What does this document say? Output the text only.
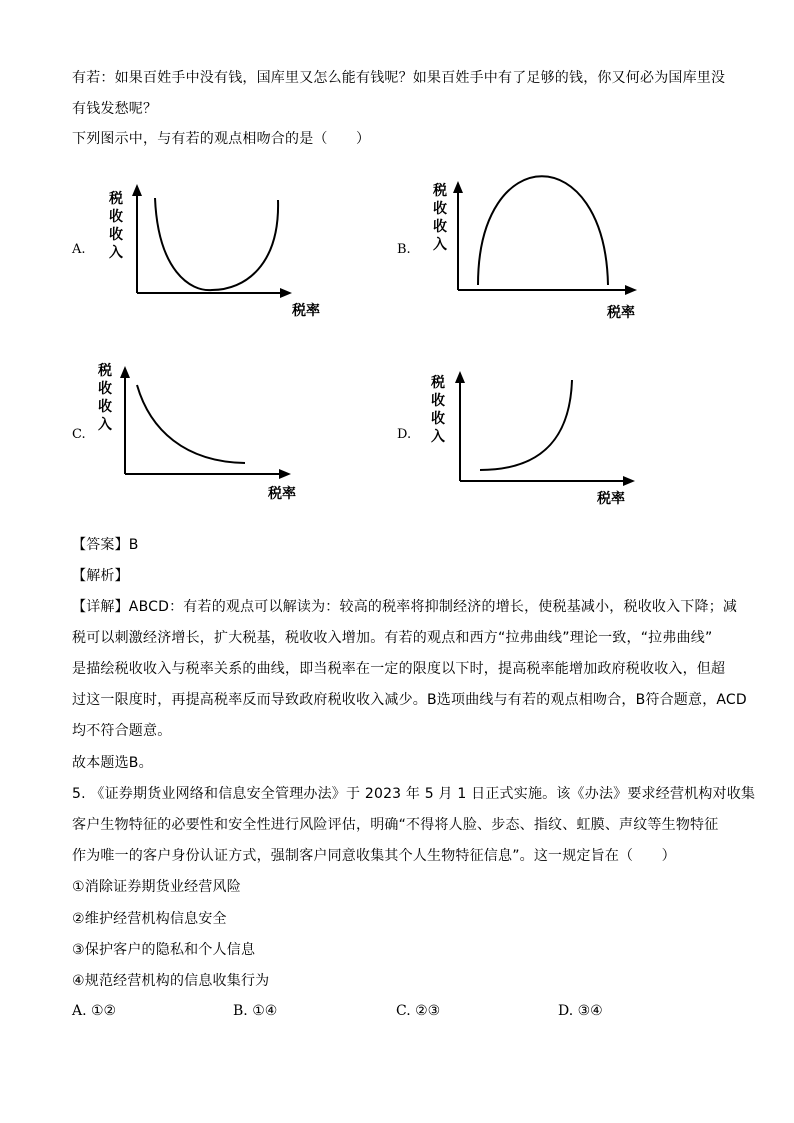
有若：如果百姓手中没有钱，国库里又怎么能有钱呢？如果百姓手中有了足够的钱，你又何必为国库里没
有钱发愁呢？
下列图示中，与有若的观点相吻合的是（　　）
A.
税
收
收
入
税率
B.
税
收
收
入
税率
C.
税
收
收
入
税率
D.
税
收
收
入
税率
【答案】B
【解析】
【详解】ABCD：有若的观点可以解读为：较高的税率将抑制经济的增长，使税基减小，税收收入下降；减
税可以刺激经济增长，扩大税基，税收收入增加。有若的观点和西方“拉弗曲线”理论一致，“拉弗曲线”
是描绘税收收入与税率关系的曲线，即当税率在一定的限度以下时，提高税率能增加政府税收收入，但超
过这一限度时，再提高税率反而导致政府税收收入减少。B选项曲线与有若的观点相吻合，B符合题意，ACD
均不符合题意。
故本题选B。
5. 《证券期货业网络和信息安全管理办法》于 2023 年 5 月 1 日正式实施。该《办法》要求经营机构对收集
客户生物特征的必要性和安全性进行风险评估，明确“不得将人脸、步态、指纹、虹膜、声纹等生物特征
作为唯一的客户身份认证方式，强制客户同意收集其个人生物特征信息”。这一规定旨在（　　）
①消除证券期货业经营风险
②维护经营机构信息安全
③保护客户的隐私和个人信息
④规范经营机构的信息收集行为
A. ①②	B. ①④	C. ②③	D. ③④
